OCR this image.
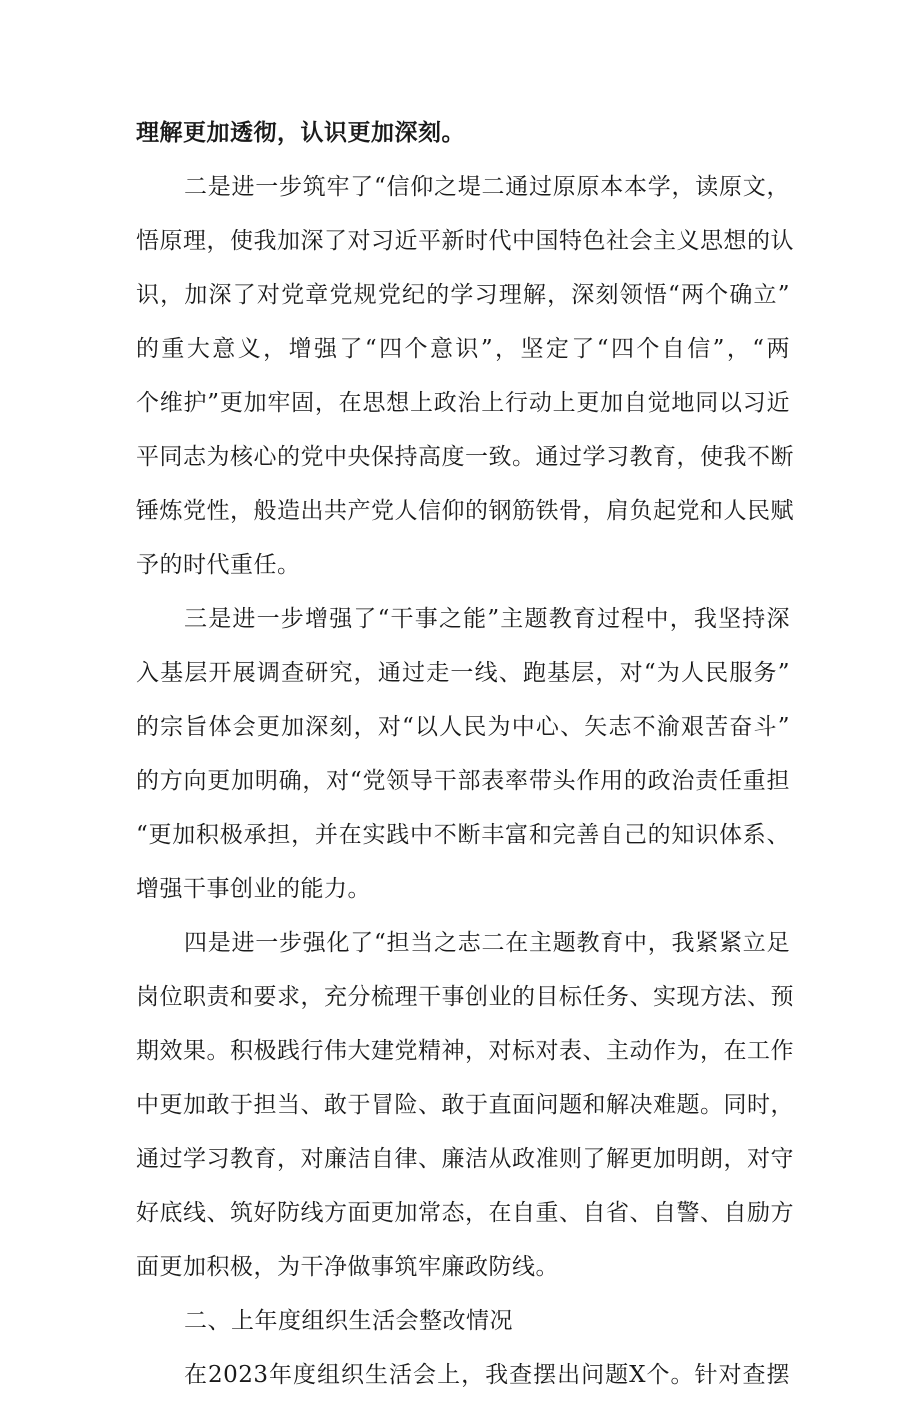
理解更加透彻，认识更加深刻。
二是进一步筑牢了“信仰之堤二通过原原本本学，读原文，
悟原理，使我加深了对习近平新时代中国特色社会主义思想的认
识，加深了对党章党规党纪的学习理解，深刻领悟“两个确立”
的重大意义，增强了“四个意识”，坚定了“四个自信”，“两
个维护”更加牢固，在思想上政治上行动上更加自觉地同以习近
平同志为核心的党中央保持高度一致。通过学习教育，使我不断
锤炼党性，般造出共产党人信仰的钢筋铁骨，肩负起党和人民赋
予的时代重任。
三是进一步增强了“干事之能”主题教育过程中，我坚持深
入基层开展调查研究，通过走一线、跑基层，对“为人民服务”
的宗旨体会更加深刻，对“以人民为中心、矢志不渝艰苦奋斗”
的方向更加明确，对“党领导干部表率带头作用的政治责任重担
“更加积极承担，并在实践中不断丰富和完善自己的知识体系、
增强干事创业的能力。
四是进一步强化了“担当之志二在主题教育中，我紧紧立足
岗位职责和要求，充分梳理干事创业的目标任务、实现方法、预
期效果。积极践行伟大建党精神，对标对表、主动作为，在工作
中更加敢于担当、敢于冒险、敢于直面问题和解决难题。同时，
通过学习教育，对廉洁自律、廉洁从政准则了解更加明朗，对守
好底线、筑好防线方面更加常态，在自重、自省、自警、自励方
面更加积极，为干净做事筑牢廉政防线。
二、上年度组织生活会整改情况
在2023年度组织生活会上，我查摆出问题X个。针对查摆
